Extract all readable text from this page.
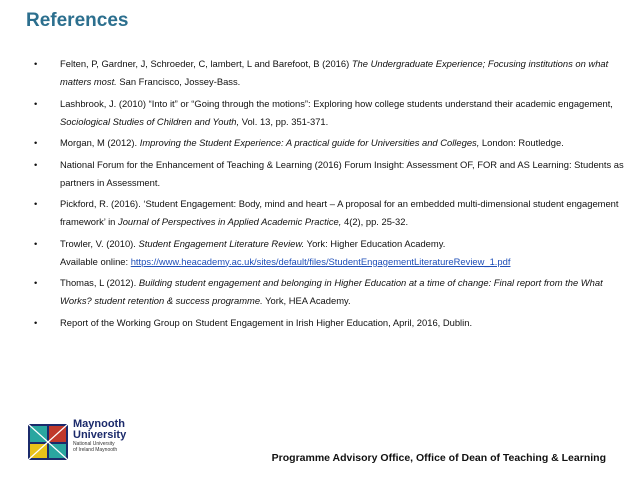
References
• Felten, P, Gardner, J, Schroeder, C, lambert, L and Barefoot, B (2016) The Undergraduate Experience; Focusing institutions on what matters most. San Francisco, Jossey-Bass.
• Lashbrook, J. (2010) “Into it” or “Going through the motions”: Exploring how college students understand their academic engagement, Sociological Studies of Children and Youth, Vol. 13, pp. 351-371.
• Morgan, M (2012). Improving the Student Experience: A practical guide for Universities and Colleges, London: Routledge.
• National Forum for the Enhancement of Teaching & Learning (2016) Forum Insight: Assessment OF, FOR and AS Learning: Students as partners in Assessment.
• Pickford, R. (2016). ‘Student Engagement: Body, mind and heart – A proposal for an embedded multi-dimensional student engagement framework’ in Journal of Perspectives in Applied Academic Practice, 4(2), pp. 25-32.
• Trowler, V. (2010). Student Engagement Literature Review. York: Higher Education Academy.
Available online: https://www.heacademy.ac.uk/sites/default/files/StudentEngagementLiteratureReview_1.pdf
• Thomas, L (2012). Building student engagement and belonging in Higher Education at a time of change: Final report from the What Works? student retention & success programme. York, HEA Academy.
• Report of the Working Group on Student Engagement in Irish Higher Education, April, 2016, Dublin.
Maynooth
University
National University
of Ireland Maynooth
Programme Advisory Office, Office of Dean of Teaching & Learning
